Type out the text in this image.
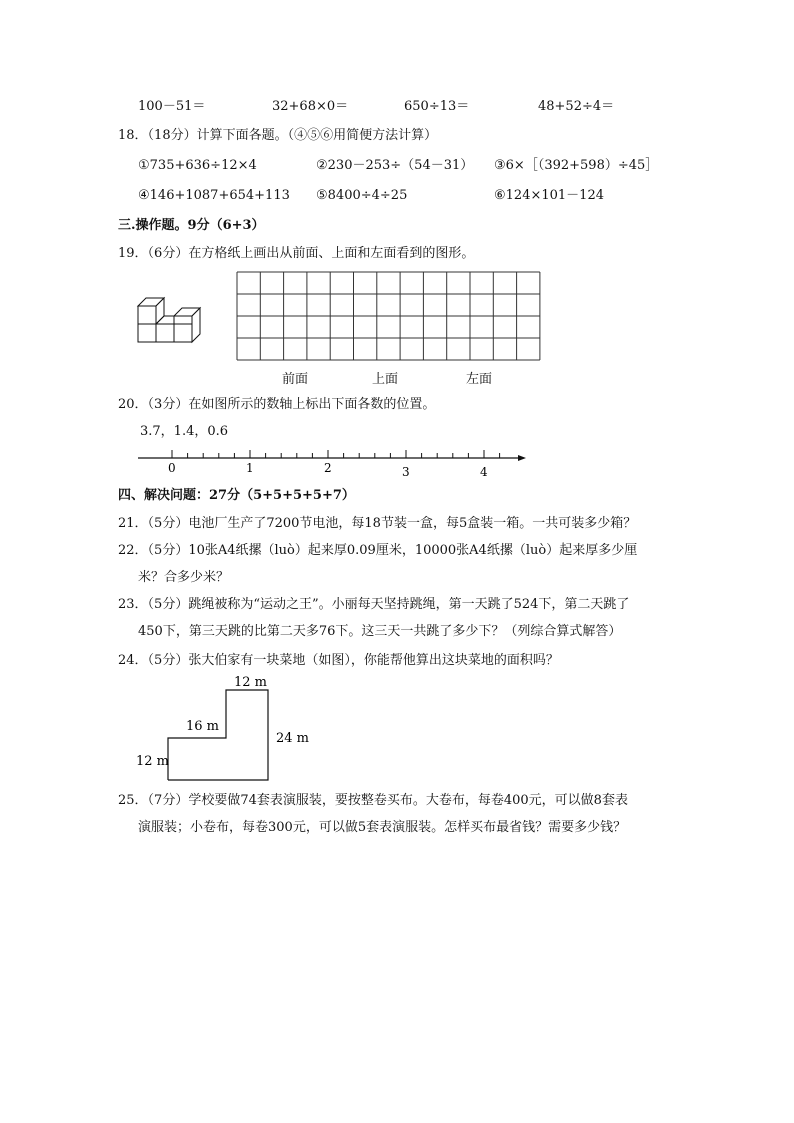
100－51＝	32+68×0＝	650÷13＝	48+52÷4＝
18．（18分）计算下面各题。（④⑤⑥用简便方法计算）
①735+636÷12×4	②230－253÷（54－31） ③6×［（392+598）÷45］
④146+1087+654+113 ⑤8400÷4÷25	⑥124×101－124
三.操作题。9分（6+3）
19．（6分）在方格纸上画出从前面、上面和左面看到的图形。
前面	上面	左面
20．（3分）在如图所示的数轴上标出下面各数的位置。
3.7，1.4，0.6
0	1	2	3	4
四、解决问题：27分（5+5+5+5+7）
21．（5分）电池厂生产了7200节电池，每18节装一盒，每5盒装一箱。一共可装多少箱？
22．（5分）10张A4纸摞（luò）起来厚0.09厘米，10000张A4纸摞（luò）起来厚多少厘
米？合多少米？
23．（5分）跳绳被称为“运动之王”。小丽每天坚持跳绳，第一天跳了524下，第二天跳了
450下，第三天跳的比第二天多76下。这三天一共跳了多少下？（列综合算式解答）
24．（5分）张大伯家有一块菜地（如图），你能帮他算出这块菜地的面积吗？
12 m
16 m
24 m
12 m
25．（7分）学校要做74套表演服装，要按整卷买布。大卷布，每卷400元，可以做8套表
演服装；小卷布，每卷300元，可以做5套表演服装。怎样买布最省钱？需要多少钱？
